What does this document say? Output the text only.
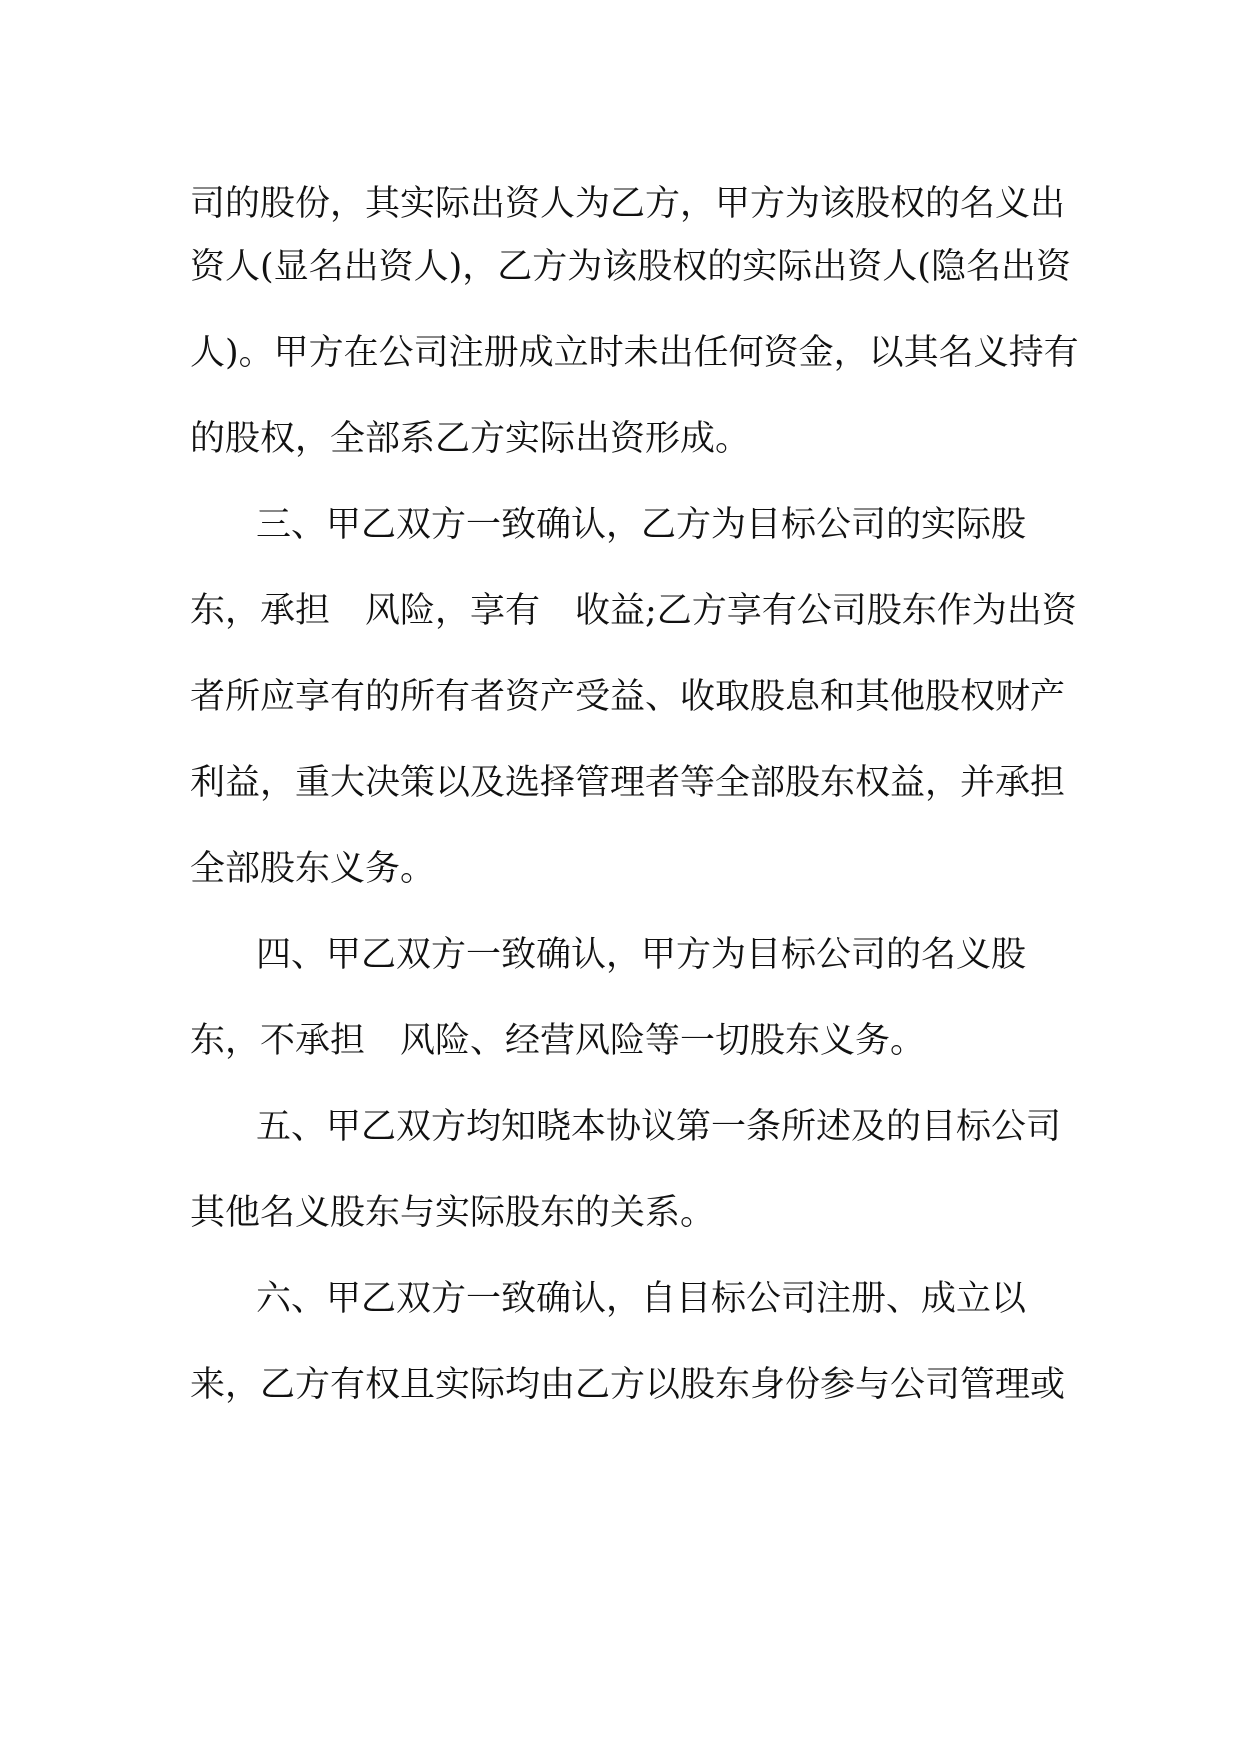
司的股份，其实际出资人为乙方，甲方为该股权的名义出

资人(显名出资人)，乙方为该股权的实际出资人(隐名出资

人)。甲方在公司注册成立时未出任何资金，以其名义持有

的股权，全部系乙方实际出资形成。

三、甲乙双方一致确认，乙方为目标公司的实际股

东，承担　风险，享有　收益;乙方享有公司股东作为出资

者所应享有的所有者资产受益、收取股息和其他股权财产

利益，重大决策以及选择管理者等全部股东权益，并承担

全部股东义务。

四、甲乙双方一致确认，甲方为目标公司的名义股

东，不承担　风险、经营风险等一切股东义务。

五、甲乙双方均知晓本协议第一条所述及的目标公司

其他名义股东与实际股东的关系。

六、甲乙双方一致确认，自目标公司注册、成立以

来，乙方有权且实际均由乙方以股东身份参与公司管理或
